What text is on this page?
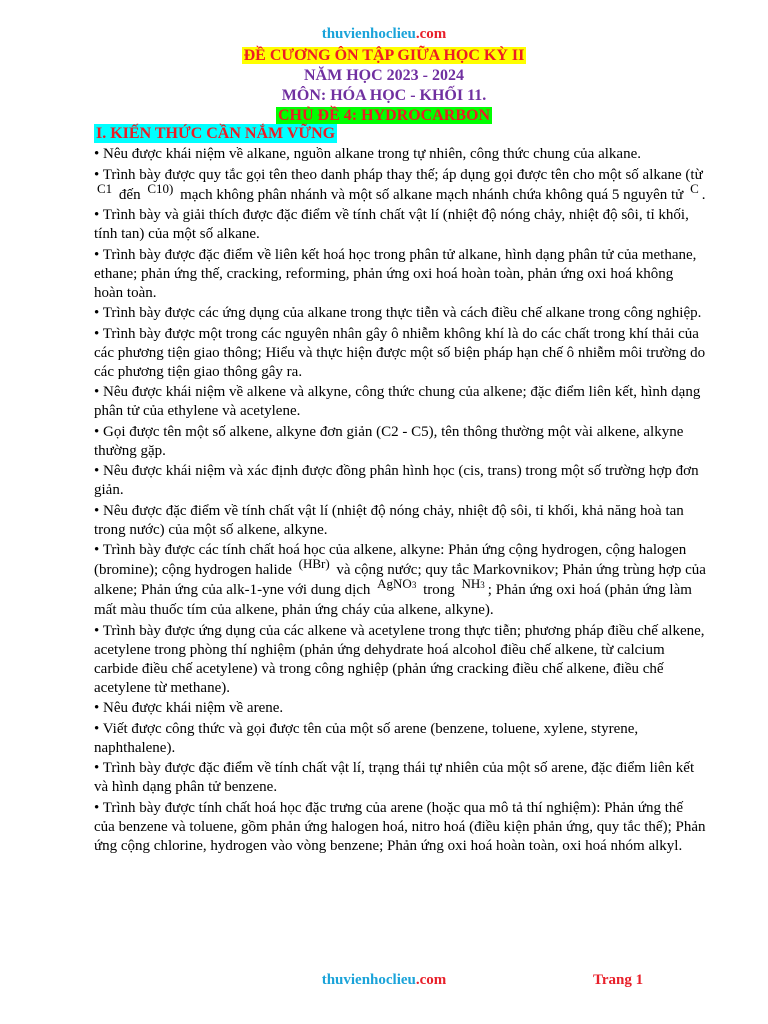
thuvienhoclieu.com
ĐỀ CƯƠNG ÔN TẬP GIỮA HỌC KỲ II
NĂM HỌC 2023 - 2024
MÔN: HÓA HỌC - KHỐI 11.
CHỦ ĐỀ 4: HYDROCARBON
I. KIẾN THỨC CẦN NẮM VỮNG

• Nêu được khái niệm về alkane, nguồn alkane trong tự nhiên, công thức chung của alkane.

• Trình bày được quy tắc gọi tên theo danh pháp thay thế; áp dụng gọi được tên cho một số alkane (từ C1 đến C10) mạch không phân nhánh và một số alkane mạch nhánh chứa không quá 5 nguyên tử C .

• Trình bày và giải thích được đặc điểm về tính chất vật lí (nhiệt độ nóng chảy, nhiệt độ sôi, tỉ khối, tính tan) của một số alkane.

• Trình bày được đặc điểm về liên kết hoá học trong phân tử alkane, hình dạng phân tử của methane, ethane; phản ứng thế, cracking, reforming, phản ứng oxi hoá hoàn toàn, phản ứng oxi hoá không hoàn toàn.

• Trình bày được các ứng dụng của alkane trong thực tiễn và cách điều chế alkane trong công nghiệp.

• Trình bày được một trong các nguyên nhân gây ô nhiễm không khí là do các chất trong khí thải của các phương tiện giao thông; Hiểu và thực hiện được một số biện pháp hạn chế ô nhiễm môi trường do các phương tiện giao thông gây ra.

• Nêu được khái niệm về alkene và alkyne, công thức chung của alkene; đặc điểm liên kết, hình dạng phân tử của ethylene và acetylene.

• Gọi được tên một số alkene, alkyne đơn giản (C2 - C5), tên thông thường một vài alkene, alkyne thường gặp.

• Nêu được khái niệm và xác định được đồng phân hình học (cis, trans) trong một số trường hợp đơn giản.

• Nêu được đặc điểm về tính chất vật lí (nhiệt độ nóng chảy, nhiệt độ sôi, tỉ khối, khả năng hoà tan trong nước) của một số alkene, alkyne.

• Trình bày được các tính chất hoá học của alkene, alkyne: Phản ứng cộng hydrogen, cộng halogen (bromine); cộng hydrogen halide (HBr) và cộng nước; quy tắc Markovnikov; Phản ứng trùng hợp của alkene; Phản ứng của alk-1-yne với dung dịch AgNO3 trong NH3 ; Phản ứng oxi hoá (phản ứng làm mất màu thuốc tím của alkene, phản ứng cháy của alkene, alkyne).

• Trình bày được ứng dụng của các alkene và acetylene trong thực tiễn; phương pháp điều chế alkene, acetylene trong phòng thí nghiệm (phản ứng dehydrate hoá alcohol điều chế alkene, từ calcium carbide điều chế acetylene) và trong công nghiệp (phản ứng cracking điều chế alkene, điều chế acetylene từ methane).

• Nêu được khái niệm về arene.

• Viết được công thức và gọi được tên của một số arene (benzene, toluene, xylene, styrene, naphthalene).

• Trình bày được đặc điểm về tính chất vật lí, trạng thái tự nhiên của một số arene, đặc điểm liên kết và hình dạng phân tử benzene.

• Trình bày được tính chất hoá học đặc trưng của arene (hoặc qua mô tả thí nghiệm): Phản ứng thế của benzene và toluene, gồm phản ứng halogen hoá, nitro hoá (điều kiện phản ứng, quy tắc thế); Phản ứng cộng chlorine, hydrogen vào vòng benzene; Phản ứng oxi hoá hoàn toàn, oxi hoá nhóm alkyl.

thuvienhoclieu.com	Trang 1
